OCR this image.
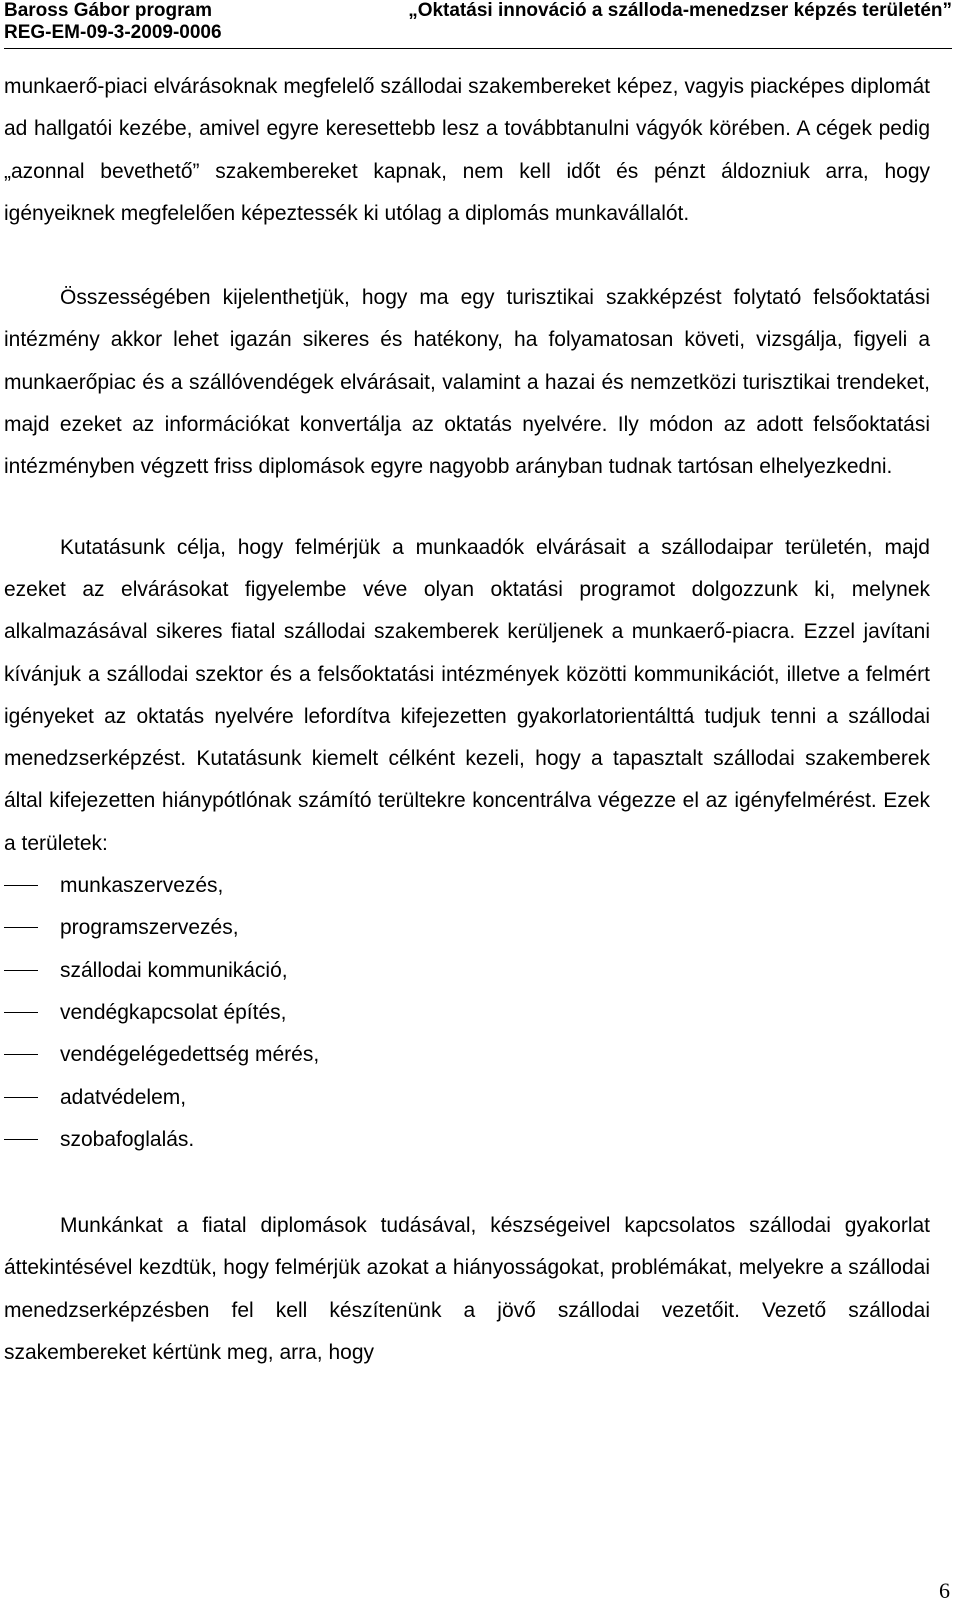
Baross Gábor program
REG-EM-09-3-2009-0006
„Oktatási innováció a szálloda-menedzser képzés területén”

munkaerő-piaci elvárásoknak megfelelő szállodai szakembereket képez, vagyis piacképes diplomát ad hallgatói kezébe, amivel egyre keresettebb lesz a továbbtanulni vágyók körében. A cégek pedig „azonnal bevethető” szakembereket kapnak, nem kell időt és pénzt áldozniuk arra, hogy igényeiknek megfelelően képeztessék ki utólag a diplomás munkavállalót.

Összességében kijelenthetjük, hogy ma egy turisztikai szakképzést folytató felsőoktatási intézmény akkor lehet igazán sikeres és hatékony, ha folyamatosan követi, vizsgálja, figyeli a munkaerőpiac és a szállóvendégek elvárásait, valamint a hazai és nemzetközi turisztikai trendeket, majd ezeket az információkat konvertálja az oktatás nyelvére. Ily módon az adott felsőoktatási intézményben végzett friss diplomások egyre nagyobb arányban tudnak tartósan elhelyezkedni.

Kutatásunk célja, hogy felmérjük a munkaadók elvárásait a szállodaipar területén, majd ezeket az elvárásokat figyelembe véve olyan oktatási programot dolgozzunk ki, melynek alkalmazásával sikeres fiatal szállodai szakemberek kerüljenek a munkaerő-piacra. Ezzel javítani kívánjuk a szállodai szektor és a felsőoktatási intézmények közötti kommunikációt, illetve a felmért igényeket az oktatás nyelvére lefordítva kifejezetten gyakorlatorientálttá tudjuk tenni a szállodai menedzserképzést. Kutatásunk kiemelt célként kezeli, hogy a tapasztalt szállodai szakemberek által kifejezetten hiánypótlónak számító terültekre koncentrálva végezze el az igényfelmérést. Ezek a területek:

munkaszervezés,
programszervezés,
szállodai kommunikáció,
vendégkapcsolat építés,
vendégelégedettség mérés,
adatvédelem,
szobafoglalás.

Munkánkat a fiatal diplomások tudásával, készségeivel kapcsolatos szállodai gyakorlat áttekintésével kezdtük, hogy felmérjük azokat a hiányosságokat, problémákat, melyekre a szállodai menedzserképzésben fel kell készítenünk a jövő szállodai vezetőit. Vezető szállodai szakembereket kértünk meg, arra, hogy

6
